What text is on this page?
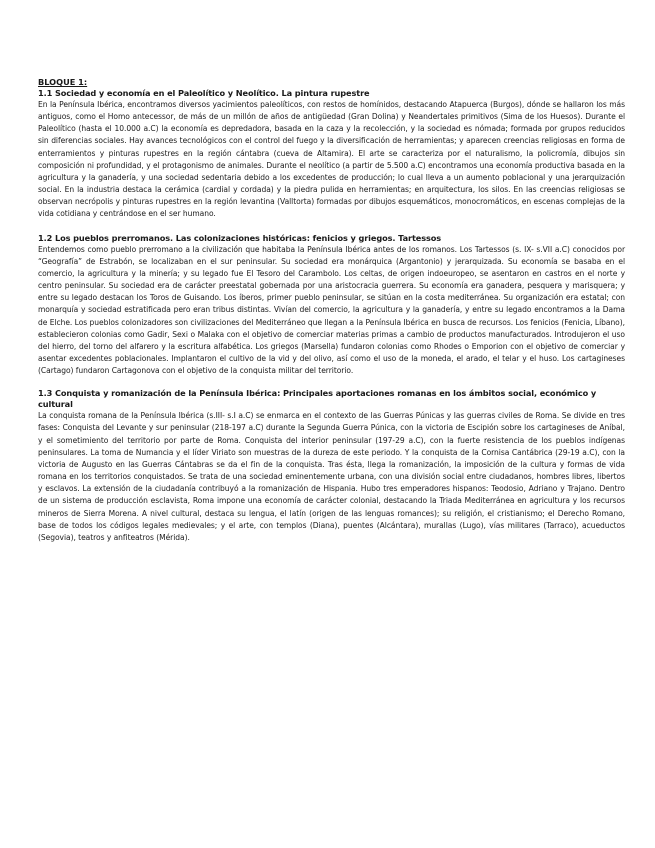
BLOQUE 1:

1.1 Sociedad y economía en el Paleolítico y Neolítico. La pintura rupestre

En la Península Ibérica, encontramos diversos yacimientos paleolíticos, con restos de homínidos, destacando Atapuerca (Burgos), dónde se hallaron los más antiguos, como el Homo antecessor, de más de un millón de años de antigüedad (Gran Dolina) y Neandertales primitivos (Sima de los Huesos). Durante el Paleolítico (hasta el 10.000 a.C) la economía es depredadora, basada en la caza y la recolección, y la sociedad es nómada; formada por grupos reducidos sin diferencias sociales. Hay avances tecnológicos con el control del fuego y la diversificación de herramientas; y aparecen creencias religiosas en forma de enterramientos y pinturas rupestres en la región cántabra (cueva de Altamira). El arte se caracteriza por el naturalismo, la policromía, dibujos sin composición ni profundidad, y el protagonismo de animales. Durante el neolítico (a partir de 5.500 a.C) encontramos una economía productiva basada en la agricultura y la ganadería, y una sociedad sedentaria debido a los excedentes de producción; lo cual lleva a un aumento poblacional y una jerarquización social. En la industria destaca la cerámica (cardial y cordada) y la piedra pulida en herramientas; en arquitectura, los silos. En las creencias religiosas se observan necrópolis y pinturas rupestres en la región levantina (Valltorta) formadas por dibujos esquemáticos, monocromáticos, en escenas complejas de la vida cotidiana y centrándose en el ser humano.

1.2 Los pueblos prerromanos. Las colonizaciones históricas: fenicios y griegos. Tartessos

Entendemos como pueblo prerromano a la civilización que habitaba la Península Ibérica antes de los romanos. Los Tartessos (s. IX- s.VII a.C) conocidos por “Geografía” de Estrabón, se localizaban en el sur peninsular. Su sociedad era monárquica (Argantonio) y jerarquizada. Su economía se basaba en el comercio, la agricultura y la minería; y su legado fue El Tesoro del Carambolo. Los celtas, de origen indoeuropeo, se asentaron en castros en el norte y centro peninsular. Su sociedad era de carácter preestatal gobernada por una aristocracia guerrera. Su economía era ganadera, pesquera y marisquera; y entre su legado destacan los Toros de Guisando. Los íberos, primer pueblo peninsular, se sitúan en la costa mediterránea. Su organización era estatal; con monarquía y sociedad estratificada pero eran tribus distintas. Vivían del comercio, la agricultura y la ganadería, y entre su legado encontramos a la Dama de Elche. Los pueblos colonizadores son civilizaciones del Mediterráneo que llegan a la Península Ibérica en busca de recursos. Los fenicios (Fenicia, Líbano), establecieron colonias como Gadir, Sexi o Malaka con el objetivo de comerciar materias primas a cambio de productos manufacturados. Introdujeron el uso del hierro, del torno del alfarero y la escritura alfabética. Los griegos (Marsella) fundaron colonias como Rhodes o Emporion con el objetivo de comerciar y asentar excedentes poblacionales. Implantaron el cultivo de la vid y del olivo, así como el uso de la moneda, el arado, el telar y el huso. Los cartagineses (Cartago) fundaron Cartagonova con el objetivo de la conquista militar del territorio.

1.3 Conquista y romanización de la Península Ibérica: Principales aportaciones romanas en los ámbitos social, económico y cultural

La conquista romana de la Península Ibérica (s.III- s.I a.C) se enmarca en el contexto de las Guerras Púnicas y las guerras civiles de Roma. Se divide en tres fases: Conquista del Levante y sur peninsular (218-197 a.C) durante la Segunda Guerra Púnica, con la victoria de Escipión sobre los cartagineses de Aníbal, y el sometimiento del territorio por parte de Roma. Conquista del interior peninsular (197-29 a.C), con la fuerte resistencia de los pueblos indígenas peninsulares. La toma de Numancia y el líder Viriato son muestras de la dureza de este periodo. Y la conquista de la Cornisa Cantábrica (29-19 a.C), con la victoria de Augusto en las Guerras Cántabras se da el fin de la conquista. Tras ésta, llega la romanización, la imposición de la cultura y formas de vida romana en los territorios conquistados. Se trata de una sociedad eminentemente urbana, con una división social entre ciudadanos, hombres libres, libertos y esclavos. La extensión de la ciudadanía contribuyó a la romanización de Hispania. Hubo tres emperadores hispanos: Teodosio, Adriano y Trajano. Dentro de un sistema de producción esclavista, Roma impone una economía de carácter colonial, destacando la Triada Mediterránea en agricultura y los recursos mineros de Sierra Morena. A nivel cultural, destaca su lengua, el latín (origen de las lenguas romances); su religión, el cristianismo; el Derecho Romano, base de todos los códigos legales medievales; y el arte, con templos (Diana), puentes (Alcántara), murallas (Lugo), vías militares (Tarraco), acueductos (Segovia), teatros y anfiteatros (Mérida).
